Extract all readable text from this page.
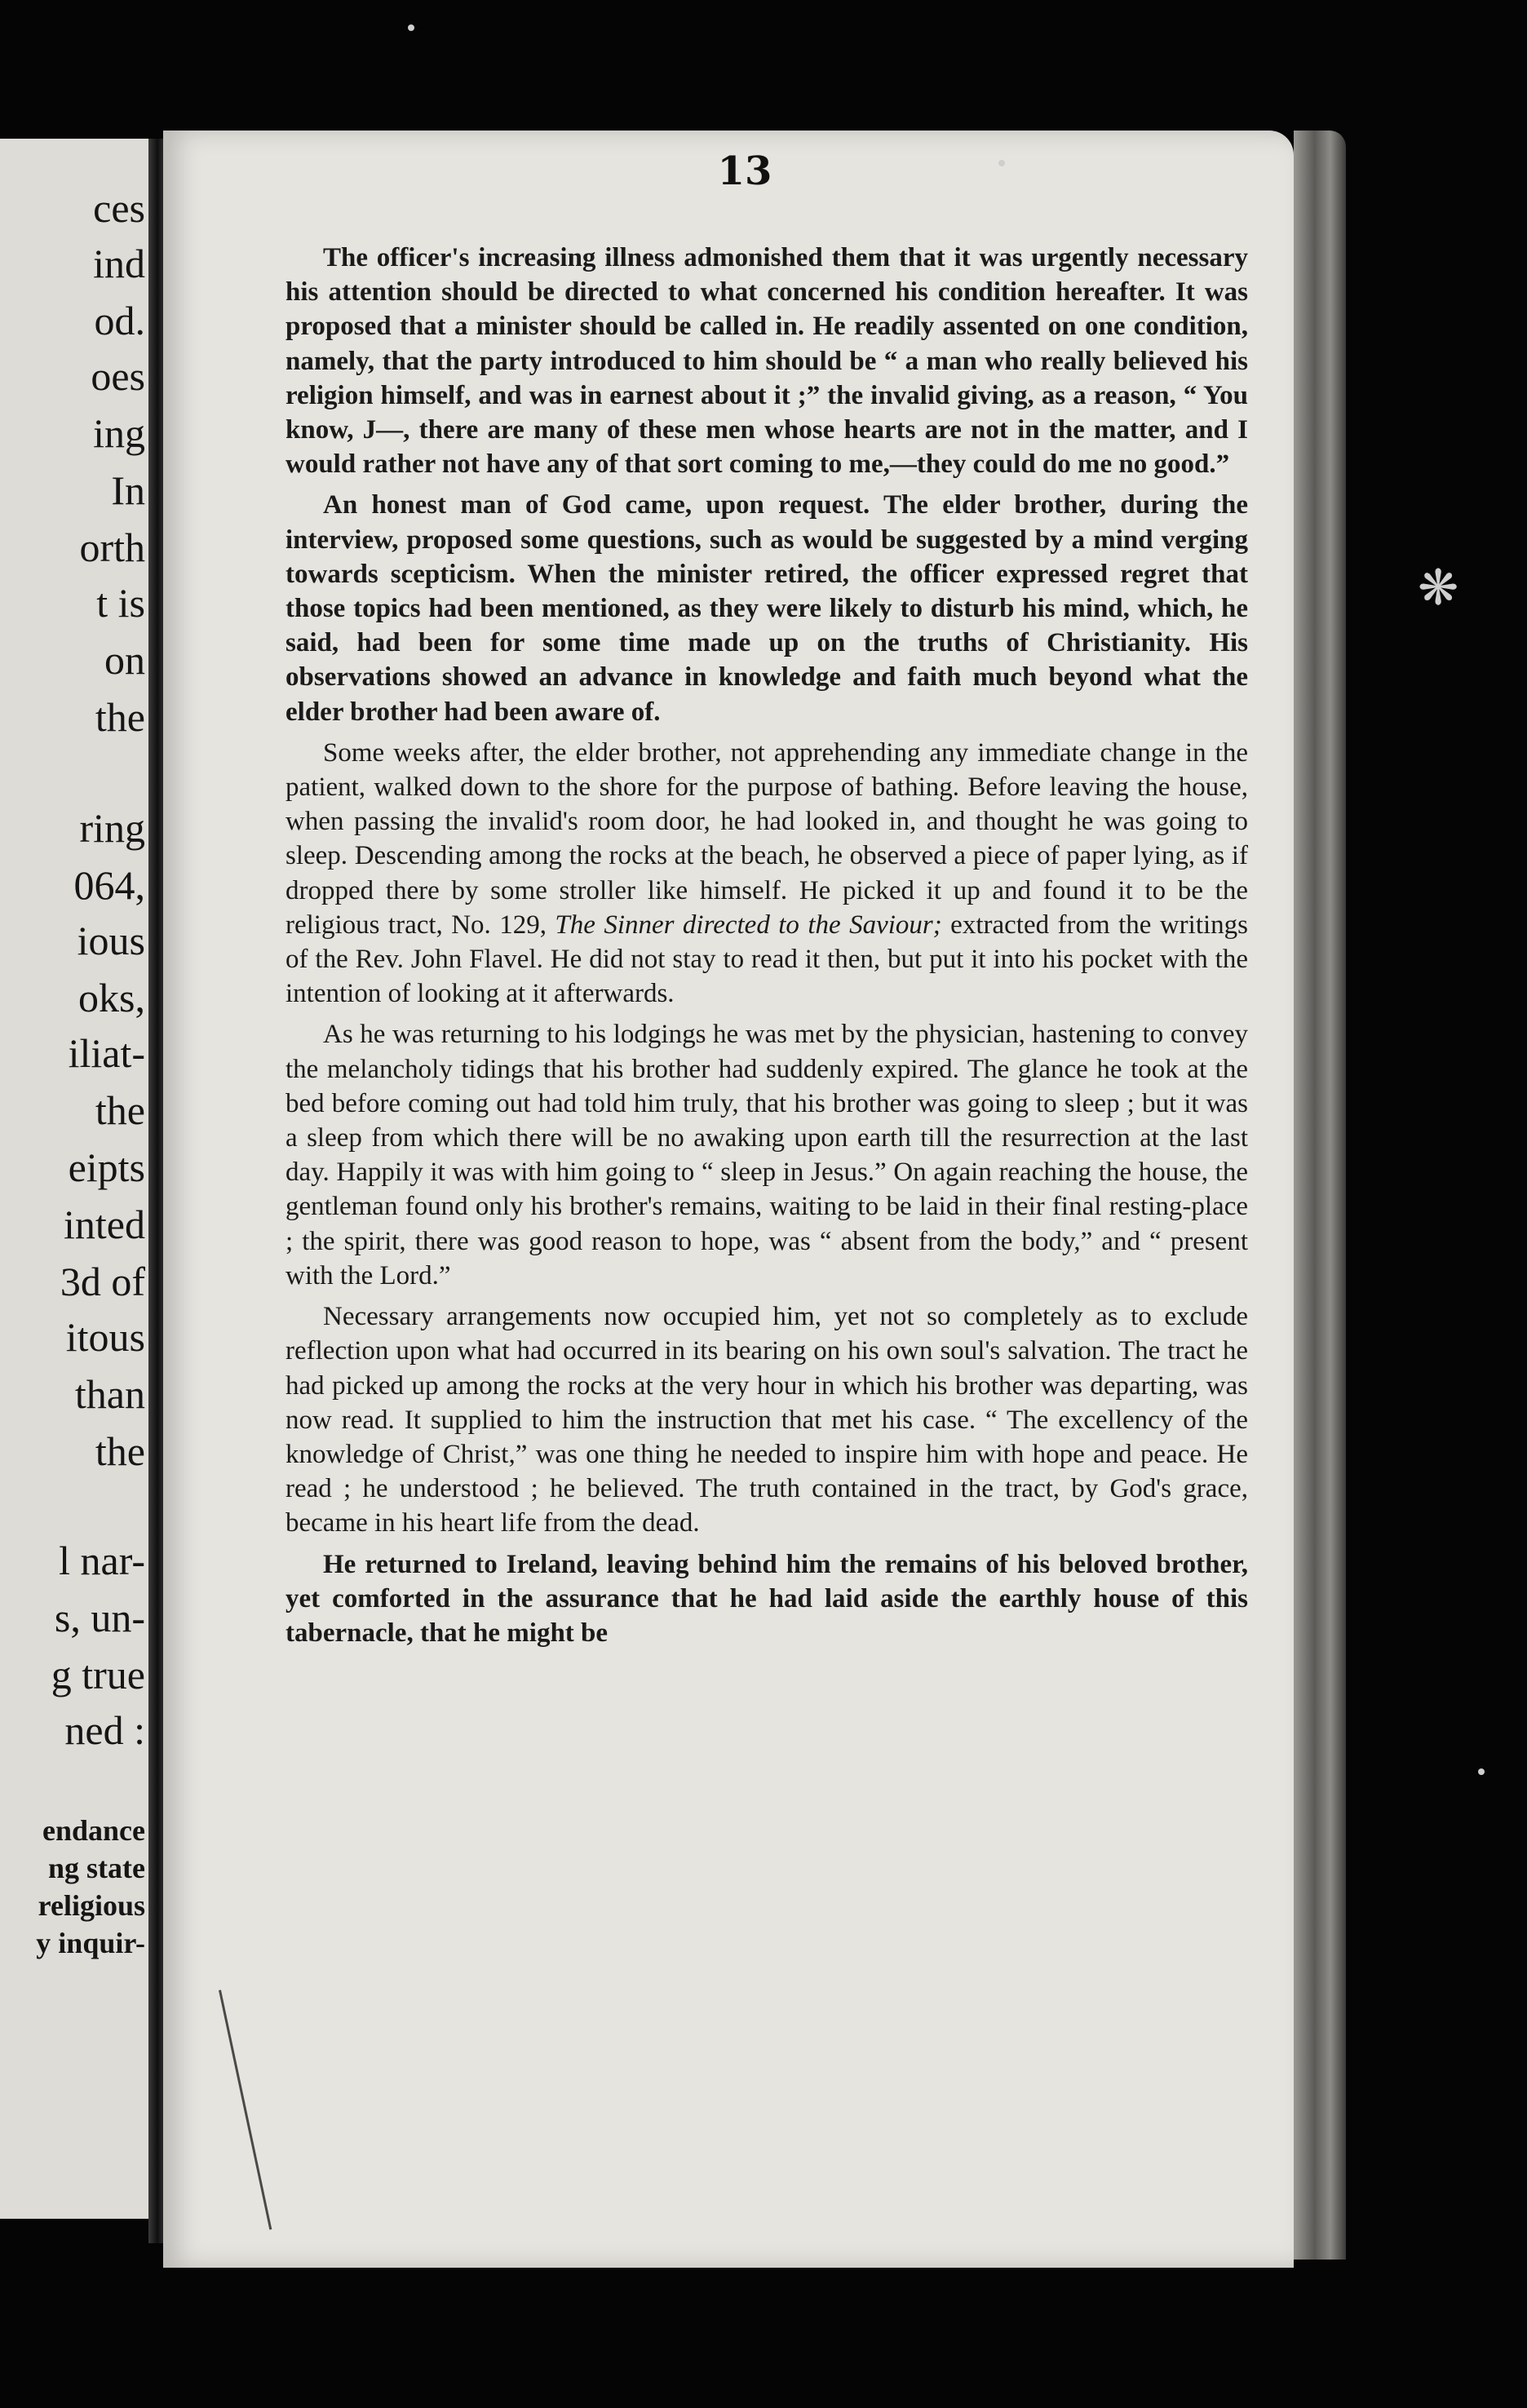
ces
ind
od.
oes
ing
In
orth
t is
on
the
ring
064,
ious
oks,
iliat-
the
eipts
inted
3d of
itous
than
the
l nar-
s, un-
g true
ned :
endance
ng state
religious
y inquir-
13

The officer's increasing illness admonished them that it was urgently necessary his attention should be directed to what concerned his condition hereafter. It was proposed that a minister should be called in. He readily assented on one condition, namely, that the party introduced to him should be “ a man who really believed his religion himself, and was in earnest about it ;” the invalid giving, as a reason, “ You know, J—, there are many of these men whose hearts are not in the matter, and I would rather not have any of that sort coming to me,—they could do me no good.”

An honest man of God came, upon request. The elder brother, during the interview, proposed some questions, such as would be suggested by a mind verging towards scepticism. When the minister retired, the officer expressed regret that those topics had been mentioned, as they were likely to disturb his mind, which, he said, had been for some time made up on the truths of Christianity. His observations showed an advance in knowledge and faith much beyond what the elder brother had been aware of.

Some weeks after, the elder brother, not apprehending any immediate change in the patient, walked down to the shore for the purpose of bathing. Before leaving the house, when passing the invalid's room door, he had looked in, and thought he was going to sleep. Descending among the rocks at the beach, he observed a piece of paper lying, as if dropped there by some stroller like himself. He picked it up and found it to be the religious tract, No. 129, The Sinner directed to the Saviour; extracted from the writings of the Rev. John Flavel. He did not stay to read it then, but put it into his pocket with the intention of looking at it afterwards.

As he was returning to his lodgings he was met by the physician, hastening to convey the melancholy tidings that his brother had suddenly expired. The glance he took at the bed before coming out had told him truly, that his brother was going to sleep ; but it was a sleep from which there will be no awaking upon earth till the resurrection at the last day. Happily it was with him going to “ sleep in Jesus.” On again reaching the house, the gentleman found only his brother's remains, waiting to be laid in their final resting-place ; the spirit, there was good reason to hope, was “ absent from the body,” and “ present with the Lord.”

Necessary arrangements now occupied him, yet not so completely as to exclude reflection upon what had occurred in its bearing on his own soul's salvation. The tract he had picked up among the rocks at the very hour in which his brother was departing, was now read. It supplied to him the instruction that met his case. “ The excellency of the knowledge of Christ,” was one thing he needed to inspire him with hope and peace. He read ; he understood ; he believed. The truth contained in the tract, by God's grace, became in his heart life from the dead.

He returned to Ireland, leaving behind him the remains of his beloved brother, yet comforted in the assurance that he had laid aside the earthly house of this tabernacle, that he might be

❋
